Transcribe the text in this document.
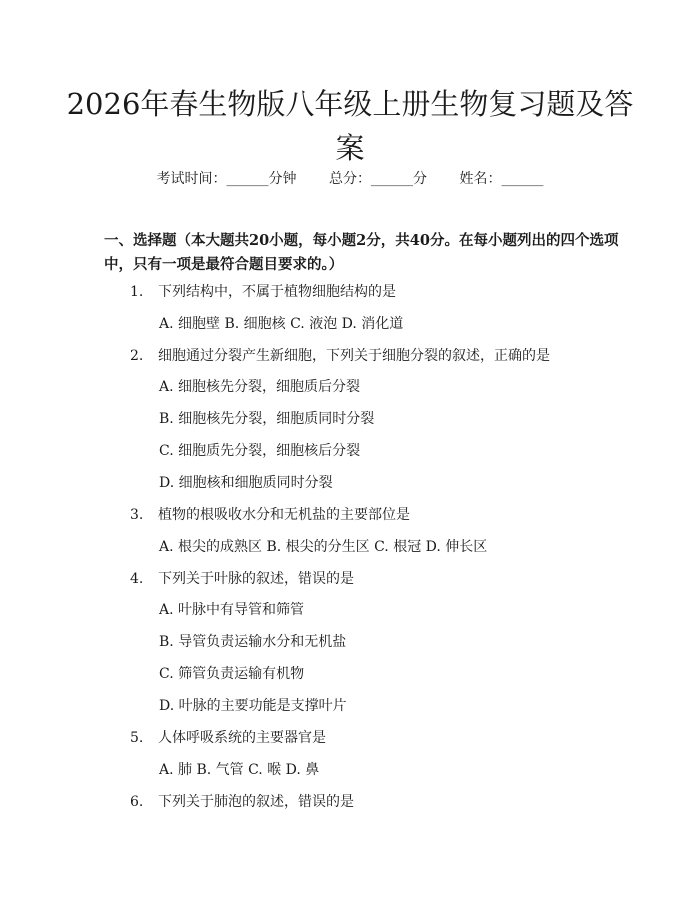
2026年春生物版八年级上册生物复习题及答案
考试时间：______分钟 总分：______分 姓名：______

一、选择题（本大题共20小题，每小题2分，共40分。在每小题列出的四个选项中，只有一项是最符合题目要求的。）

1. 下列结构中，不属于植物细胞结构的是
A. 细胞壁 B. 细胞核 C. 液泡 D. 消化道
2. 细胞通过分裂产生新细胞，下列关于细胞分裂的叙述，正确的是
A. 细胞核先分裂，细胞质后分裂
B. 细胞核先分裂，细胞质同时分裂
C. 细胞质先分裂，细胞核后分裂
D. 细胞核和细胞质同时分裂
3. 植物的根吸收水分和无机盐的主要部位是
A. 根尖的成熟区 B. 根尖的分生区 C. 根冠 D. 伸长区
4. 下列关于叶脉的叙述，错误的是
A. 叶脉中有导管和筛管
B. 导管负责运输水分和无机盐
C. 筛管负责运输有机物
D. 叶脉的主要功能是支撑叶片
5. 人体呼吸系统的主要器官是
A. 肺 B. 气管 C. 喉 D. 鼻
6. 下列关于肺泡的叙述，错误的是
